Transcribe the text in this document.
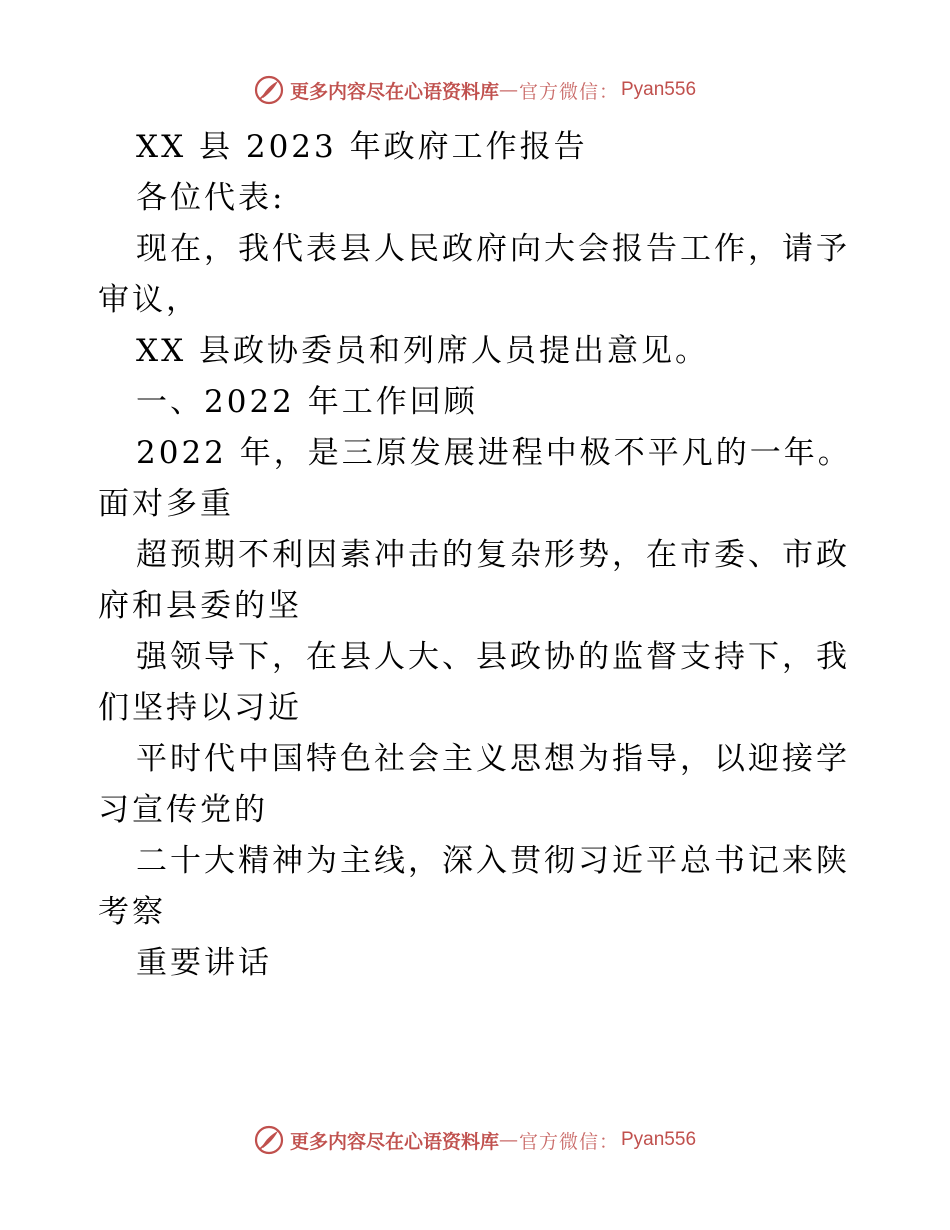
更多内容尽在心语资料库 — 官方微信： Pyan556

XX 县 2023 年政府工作报告

各位代表:

现在，我代表县人民政府向大会报告工作，请予审议，

XX 县政协委员和列席人员提出意见。

一、2022 年工作回顾

2022 年，是三原发展进程中极不平凡的一年。面对多重

超预期不利因素冲击的复杂形势，在市委、市政府和县委的坚

强领导下，在县人大、县政协的监督支持下，我们坚持以习近

平时代中国特色社会主义思想为指导，以迎接学习宣传党的

二十大精神为主线，深入贯彻习近平总书记来陕考察

重要讲话

更多内容尽在心语资料库 — 官方微信： Pyan556
